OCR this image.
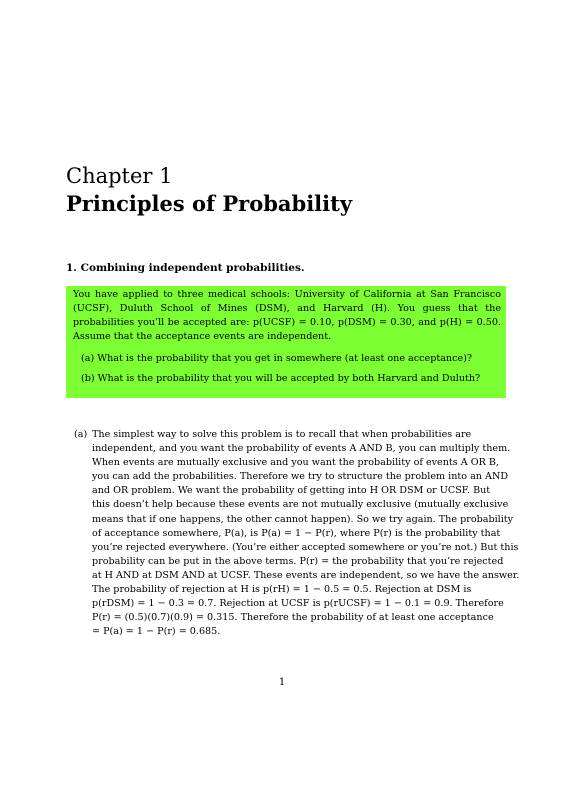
Chapter 1
Principles of Probability
1. Combining independent probabilities.
You have applied to three medical schools: University of California at San Francisco (UCSF), Duluth School of Mines (DSM), and Harvard (H). You guess that the probabilities you’ll be accepted are: p(UCSF) = 0.10, p(DSM) = 0.30, and p(H) = 0.50. Assume that the acceptance events are independent.
(a) What is the probability that you get in somewhere (at least one acceptance)?
(b) What is the probability that you will be accepted by both Harvard and Duluth?
(a) The simplest way to solve this problem is to recall that when probabilities are
independent, and you want the probability of events A AND B, you can multiply them.
When events are mutually exclusive and you want the probability of events A OR B,
you can add the probabilities. Therefore we try to structure the problem into an AND
and OR problem. We want the probability of getting into H OR DSM or UCSF. But
this doesn’t help because these events are not mutually exclusive (mutually exclusive
means that if one happens, the other cannot happen). So we try again. The probability
of acceptance somewhere, P(a), is P(a) = 1 − P(r), where P(r) is the probability that
you’re rejected everywhere. (You’re either accepted somewhere or you’re not.) But this
probability can be put in the above terms. P(r) = the probability that you’re rejected
at H AND at DSM AND at UCSF. These events are independent, so we have the answer.
The probability of rejection at H is p(rH) = 1 − 0.5 = 0.5. Rejection at DSM is
p(rDSM) = 1 − 0.3 = 0.7. Rejection at UCSF is p(rUCSF) = 1 − 0.1 = 0.9. Therefore
P(r) = (0.5)(0.7)(0.9) = 0.315. Therefore the probability of at least one acceptance
= P(a) = 1 − P(r) = 0.685.
1
